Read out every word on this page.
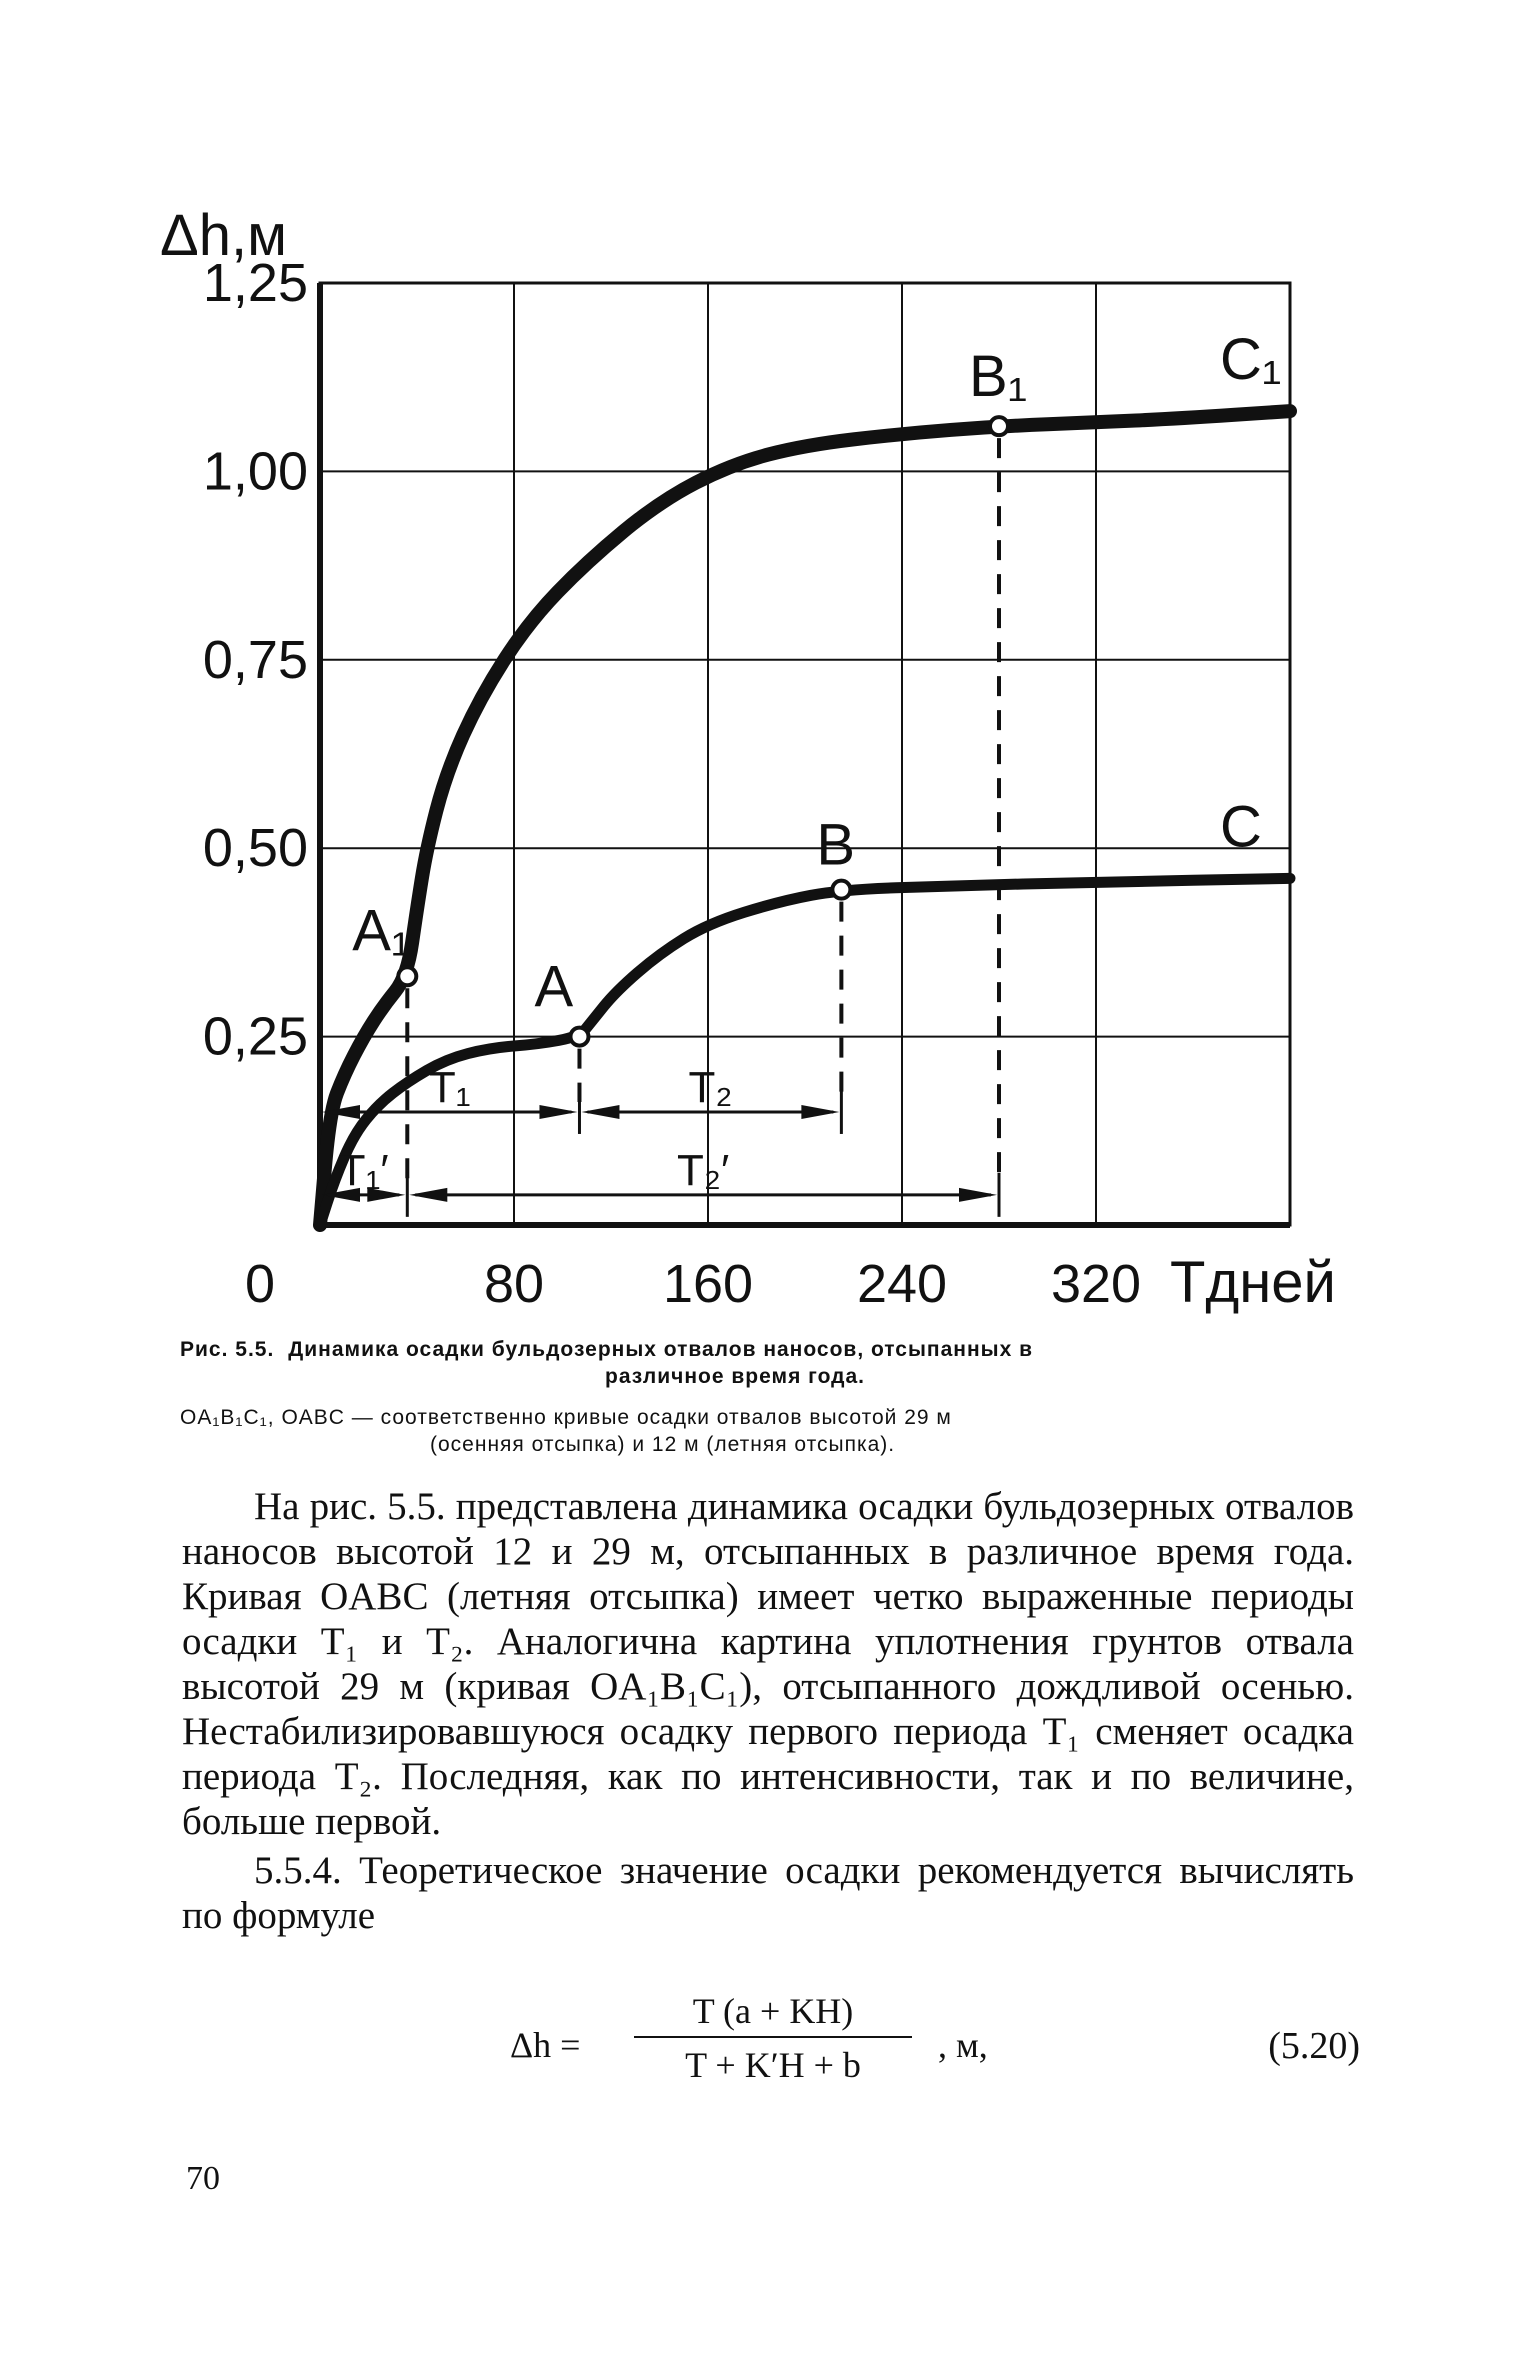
Δh,м
0,25
0,50
0,75
1,00
1,25
0	80 160 240 320 Tдней
A₁
B₁	C₁
A
B	C
T₁	T₂
T₁′	T₂′
Рис. 5.5. Динамика осадки бульдозерных отвалов наносов, отсыпанных в
различное время года.
OA₁B₁C₁, OABC — соответственно кривые осадки отвалов высотой 29 м
(осенняя отсыпка) и 12 м (летняя отсыпка).

На рис. 5.5. представлена динамика осадки бульдозерных отвалов наносов высотой 12 и 29 м, отсыпанных в различное время года. Кривая OABC (летняя отсыпка) имеет четко выраженные периоды осадки T₁ и T₂. Аналогична картина уплотнения грунтов отвала высотой 29 м (кривая OA₁B₁C₁), отсыпанного дождливой осенью. Нестабилизировавшуюся осадку первого периода T₁ сменяет осадка периода T₂. Последняя, как по интенсивности, так и по величине, больше первой.

5.5.4. Теоретическое значение осадки рекомендуется вычислять по формуле

Δh =
T (a + KH)
T + K′H + b	, м,	(5.20)
70
